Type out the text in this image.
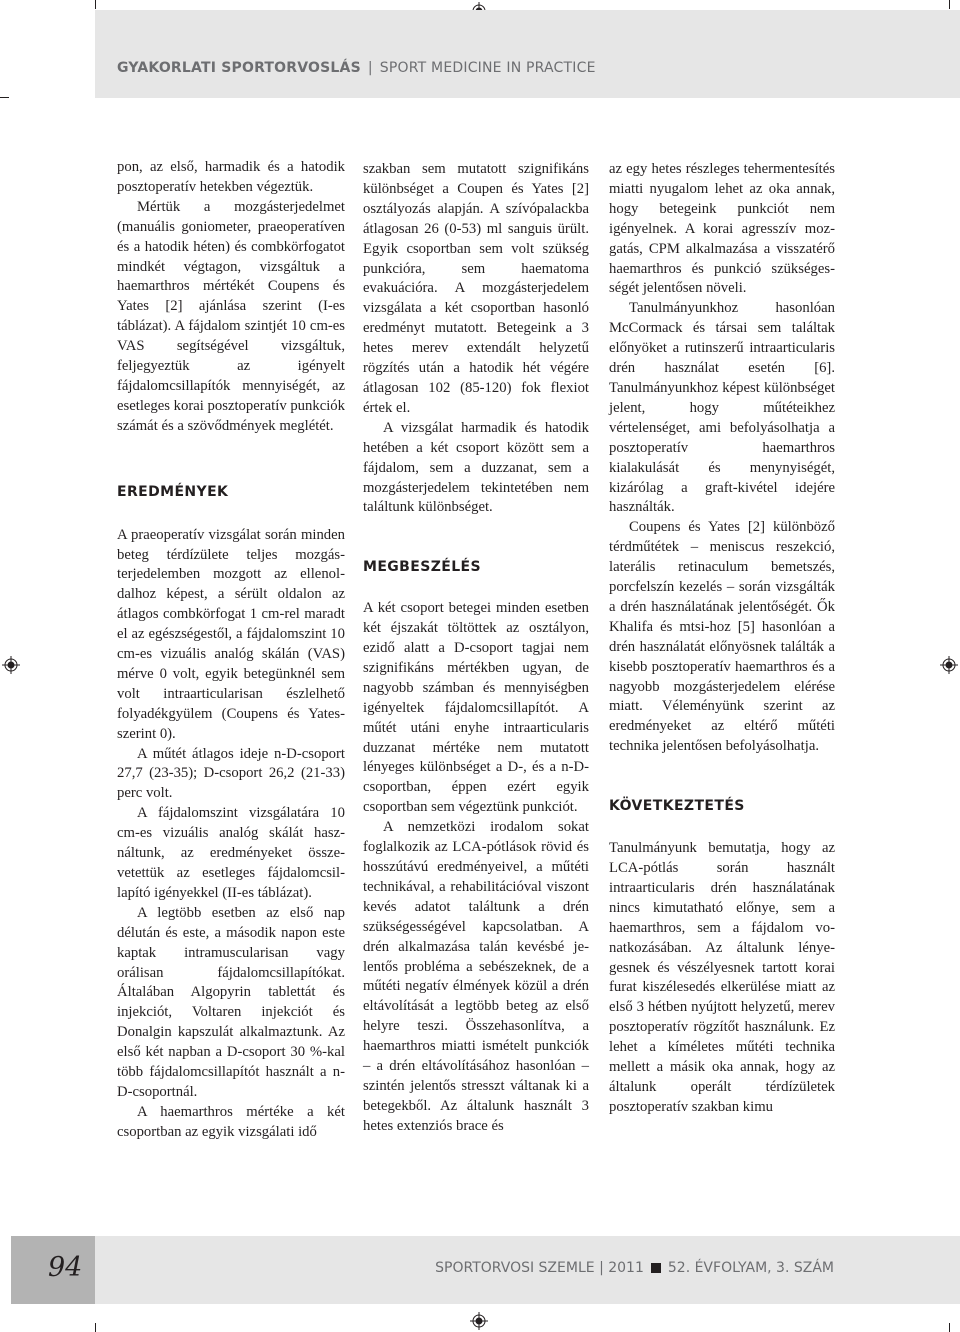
GYAKORLATI SPORTORVOSLÁS | SPORT MEDICINE IN PRACTICE

pon, az első, harmadik és a hatodik posztoperatív hetekben végeztük.

Mértük a mozgásterjedelmet (manuális goniometer, praeoperatíven és a hatodik héten) és combkörfogatot mindkét végtagon, vizsgáltuk a haemarthros mértékét Coupens és Yates [2] ajánlása szerint (I-es táblázat). A fájdalom szintjét 10 cm-es VAS segítségével vizsgáltuk, feljegyeztük az igényelt fájdalomcsillapítók mennyiségét, az esetleges korai posztoperatív punkciók számát és a szövődmények meglétét.

EREDMÉNYEK

A praeoperatív vizsgálat során minden beteg térdízülete teljes mozgásterjedelemben mozgott az ellenoldalhoz képest, a sérült oldalon az átlagos combkörfogat 1 cm-rel maradt el az egészségestől, a fájdalomszint 10 cm-es vizuális analóg skálán (VAS) mérve 0 volt, egyik betegünknél sem volt intraarticularisan észlelhető folyadékgyülem (Coupens és Yates-szerint 0).

A műtét átlagos ideje n-D-csoport 27,7 (23-35); D-csoport 26,2 (21-33) perc volt.

A fájdalomszint vizsgálatára 10 cm-es vizuális analóg skálát használtunk, az eredményeket összevetettük az esetleges fájdalomcsillapító igényekkel (II-es táblázat).

A legtöbb esetben az első nap délután és este, a második napon este kaptak intramuscularisan vagy orálisan fájdalomcsillapítókat. Általában Algopyrin tablettát és injekciót, Voltaren injekciót és Donalgin kapszulát alkalmaztunk. Az első két napban a D-csoport 30 %-kal több fájdalomcsillapítót használt a n-D-csoportnál.

A haemarthros mértéke a két csoportban az egyik vizsgálati idő

szakban sem mutatott szignifikáns különbséget a Coupen és Yates [2] osztályozás alapján. A szívópalackba átlagosan 26 (0-53) ml sanguis ürült. Egyik csoportban sem volt szükség punkcióra, sem haematoma evakuációra. A mozgásterjedelem vizsgálata a két csoportban hasonló eredményt mutatott. Betegeink a 3 hetes merev extendált helyzetű rögzítés után a hatodik hét végére átlagosan 102 (85-120) fok flexiot értek el.

A vizsgálat harmadik és hatodik hetében a két csoport között sem a fájdalom, sem a duzzanat, sem a mozgásterjedelem tekintetében nem találtunk különbséget.

MEGBESZÉLÉS

A két csoport betegei minden esetben két éjszakát töltöttek az osztályon, ezidő alatt a D-csoport tagjai nem szignifikáns mértékben ugyan, de nagyobb számban és mennyiségben igényeltek fájdalomcsillapítót. A műtét utáni enyhe intraarticularis duzzanat mértéke nem mutatott lényeges különbséget a D-, és a n-D-csoportban, éppen ezért egyik csoportban sem végeztünk punkciót.

A nemzetközi irodalom sokat foglalkozik az LCA-pótlások rövid és hosszútávú eredményeivel, a műtéti technikával, a rehabilitációval viszont kevés adatot találtunk a drén szükségességével kapcsolatban. A drén alkalmazása talán kevésbé jelentős probléma a sebészeknek, de a műtéti negatív élmények közül a drén eltávolítását a legtöbb beteg az első helyre teszi. Összehasonlítva, a haemarthros miatti ismételt punkciók – a drén eltávolításához hasonlóan – szintén jelentős stresszt váltanak ki a betegekből. Az általunk használt 3 hetes extenziós brace és

az egy hetes részleges tehermentesítés miatti nyugalom lehet az oka annak, hogy betegeink punkciót nem igényelnek. A korai agresszív mozgatás, CPM alkalmazása a visszatérő haemarthros és punkció szükségességét jelentősen növeli.

Tanulmányunkhoz hasonlóan McCormack és társai sem találtak előnyöket a rutinszerű intraarticularis drén használat esetén [6]. Tanulmányunkhoz képest különbséget jelent, hogy műtéteikhez vértelenséget, ami befolyásolhatja a posztoperatív haemarthros kialakulását és menynyiségét, kizárólag a graft-kivétel idejére használták.

Coupens és Yates [2] különböző térdműtétek – meniscus reszekció, laterális retinaculum bemetszés, porcfelszín kezelés – során vizsgálták a drén használatának jelentőségét. Ők Khalifa és mtsi-hoz [5] hasonlóan a drén használatát előnyösnek találták a kisebb posztoperatív haemarthros és a nagyobb mozgásterjedelem elérése miatt. Véleményünk szerint az eredményeket az eltérő műtéti technika jelentősen befolyásolhatja.

KÖVETKEZTETÉS

Tanulmányunk bemutatja, hogy az LCA-pótlás során használt intraarticularis drén használatának nincs kimutatható előnye, sem a haemarthros, sem a fájdalom vonatkozásában. Az általunk lényegesnek és vészélyesnek tartott korai furat kiszélesedés elkerülése miatt az első 3 hétben nyújtott helyzetű, merev posztoperatív rögzítőt használunk. Ez lehet a kíméletes műtéti technika mellett a másik oka annak, hogy az általunk operált térdízületek posztoperatív szakban kimu

94	SPORTORVOSI SZEMLE | 2011 52. ÉVFOLYAM, 3. SZÁM
